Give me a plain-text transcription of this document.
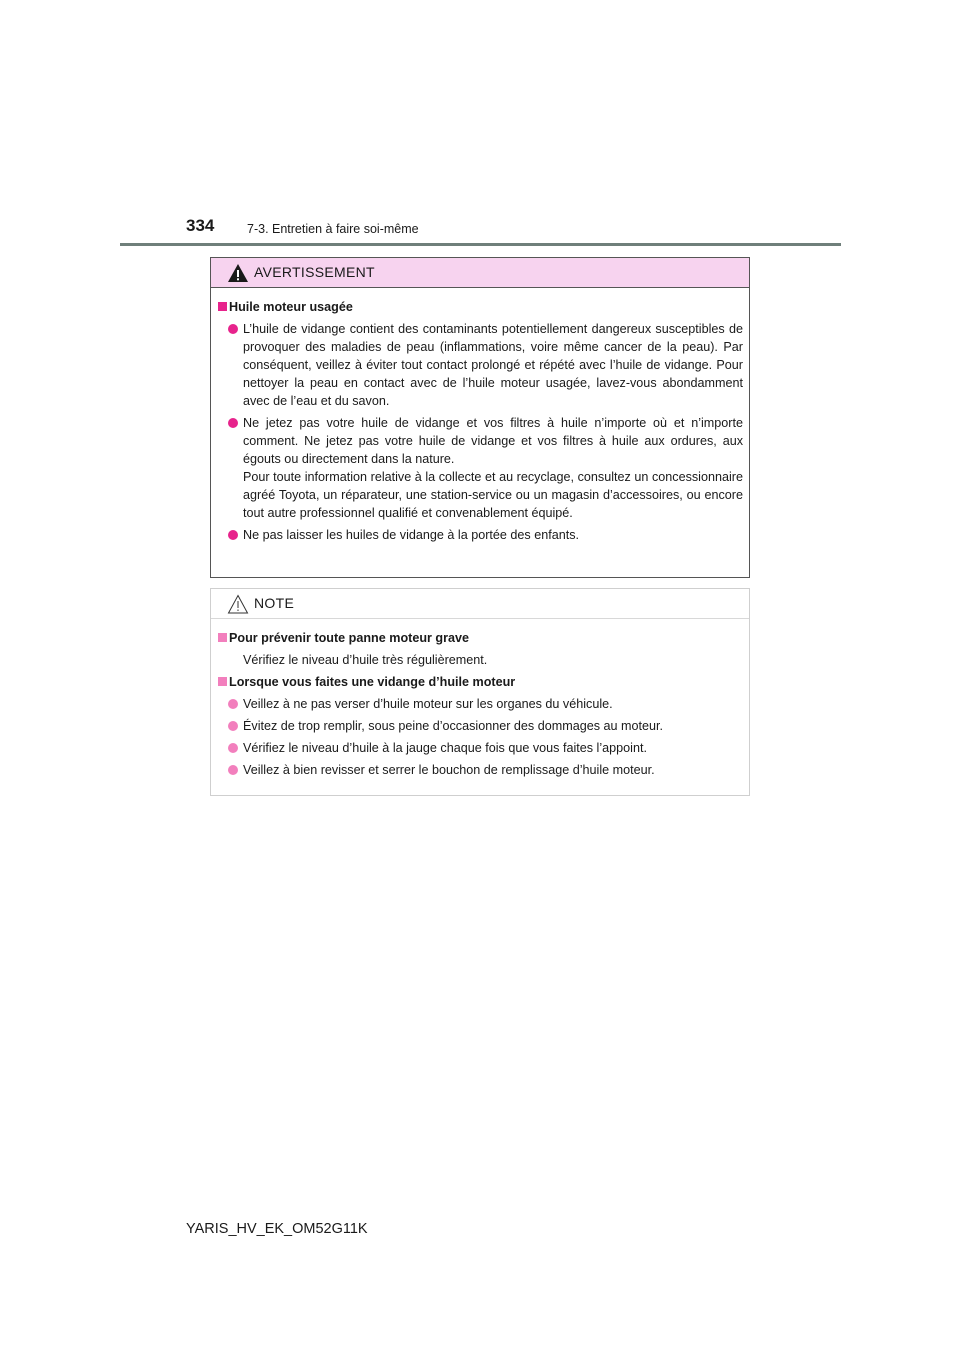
334	7-3. Entretien à faire soi-même
AVERTISSEMENT
Huile moteur usagée

L’huile de vidange contient des contaminants potentiellement dangereux susceptibles de provoquer des maladies de peau (inflammations, voire même cancer de la peau). Par conséquent, veillez à éviter tout contact prolongé et répété avec l’huile de vidange. Pour nettoyer la peau en contact avec de l’huile moteur usagée, lavez-vous abondamment avec de l’eau et du savon.

Ne jetez pas votre huile de vidange et vos filtres à huile n’importe où et n’importe comment. Ne jetez pas votre huile de vidange et vos filtres à huile aux ordures, aux égouts ou directement dans la nature.

Pour toute information relative à la collecte et au recyclage, consultez un concessionnaire agréé Toyota, un réparateur, une station-service ou un magasin d’accessoires, ou encore tout autre professionnel qualifié et convenablement équipé.

Ne pas laisser les huiles de vidange à la portée des enfants.

NOTE
Pour prévenir toute panne moteur grave
Vérifiez le niveau d’huile très régulièrement.
Lorsque vous faites une vidange d’huile moteur

Veillez à ne pas verser d’huile moteur sur les organes du véhicule.

Évitez de trop remplir, sous peine d’occasionner des dommages au moteur.

Vérifiez le niveau d’huile à la jauge chaque fois que vous faites l’appoint.

Veillez à bien revisser et serrer le bouchon de remplissage d’huile moteur.

YARIS_HV_EK_OM52G11K
